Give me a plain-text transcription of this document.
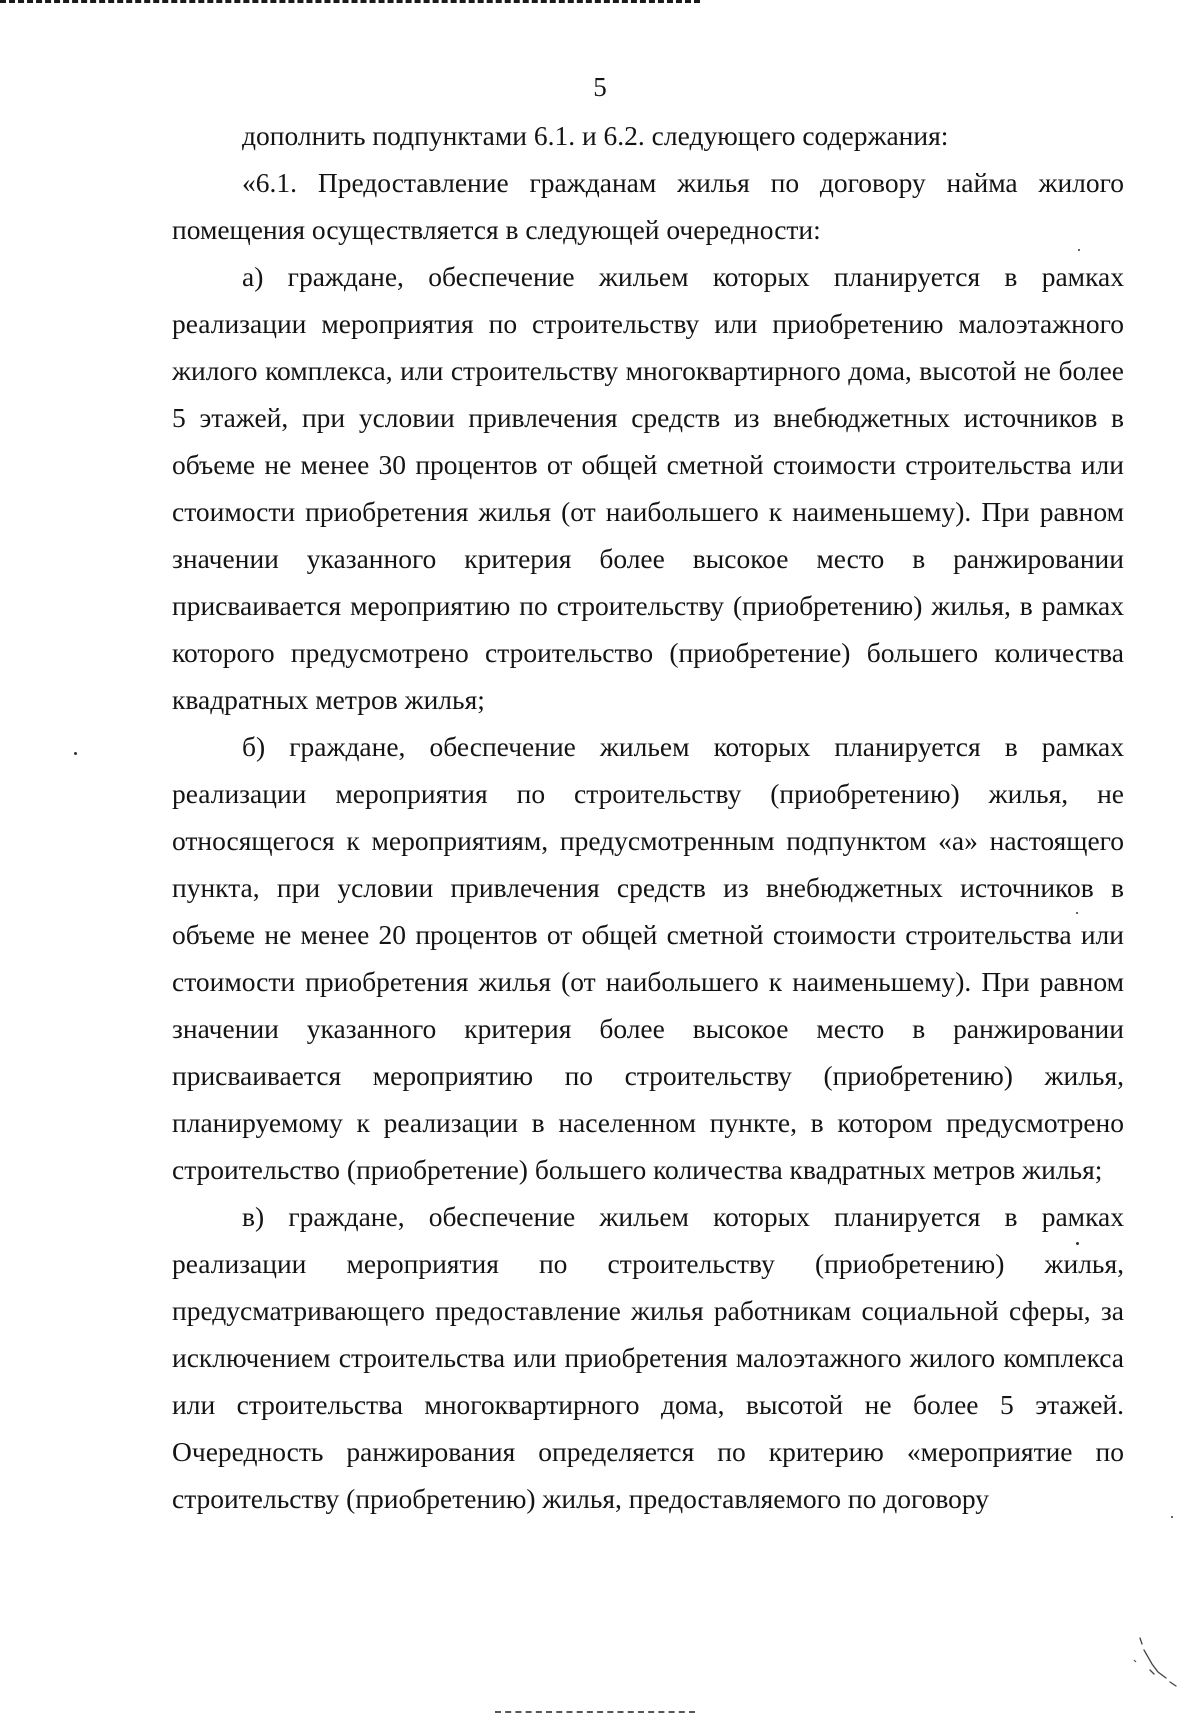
5

дополнить подпунктами 6.1. и 6.2. следующего содержания:

«6.1. Предоставление гражданам жилья по договору найма жилого помещения осуществляется в следующей очередности:

а) граждане, обеспечение жильем которых планируется в рамках реализации мероприятия по строительству или приобретению малоэтажного жилого комплекса, или строительству многоквартирного дома, высотой не более 5 этажей, при условии привлечения средств из внебюджетных источников в объеме не менее 30 процентов от общей сметной стоимости строительства или стоимости приобретения жилья (от наибольшего к наименьшему). При равном значении указанного критерия более высокое место в ранжировании присваивается мероприятию по строительству (приобретению) жилья, в рамках которого предусмотрено строительство (приобретение) большего количества квадратных метров жилья;

б) граждане, обеспечение жильем которых планируется в рамках реализации мероприятия по строительству (приобретению) жилья, не относящегося к мероприятиям, предусмотренным подпунктом «а» настоящего пункта, при условии привлечения средств из внебюджетных источников в объеме не менее 20 процентов от общей сметной стоимости строительства или стоимости приобретения жилья (от наибольшего к наименьшему). При равном значении указанного критерия более высокое место в ранжировании присваивается мероприятию по строительству (приобретению) жилья, планируемому к реализации в населенном пункте, в котором предусмотрено строительство (приобретение) большего количества квадратных метров жилья;

в) граждане, обеспечение жильем которых планируется в рамках реализации мероприятия по строительству (приобретению) жилья, предусматривающего предоставление жилья работникам социальной сферы, за исключением строительства или приобретения малоэтажного жилого комплекса или строительства многоквартирного дома, высотой не более 5 этажей. Очередность ранжирования определяется по критерию «мероприятие по строительству (приобретению) жилья, предоставляемого по договору
